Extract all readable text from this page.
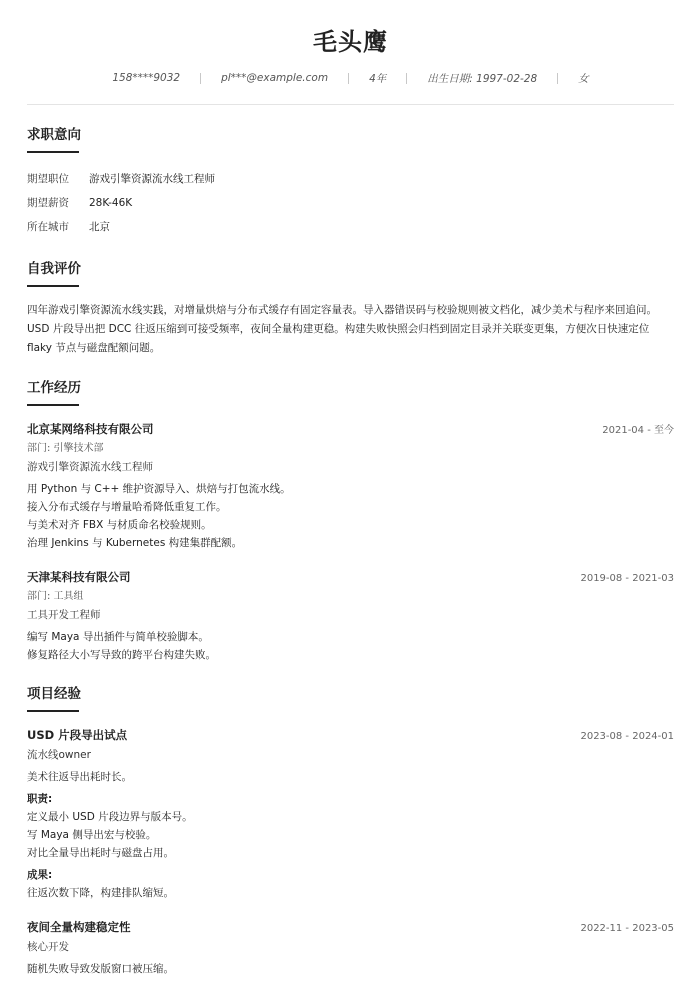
毛头鹰
158****9032	pl***@example.com	4年	出生日期: 1997-02-28	女
求职意向
期望职位	游戏引擎资源流水线工程师
期望薪资	28K-46K
所在城市	北京
自我评价
四年游戏引擎资源流水线实践，对增量烘焙与分布式缓存有固定容量表。导入器错误码与校验规则被文档化，减少美术与程序来回追问。USD 片段导出把 DCC 往返压缩到可接受频率，夜间全量构建更稳。构建失败快照会归档到固定目录并关联变更集，方便次日快速定位 flaky 节点与磁盘配额问题。
工作经历
北京某网络科技有限公司	2021-04 - 至今
部门: 引擎技术部
游戏引擎资源流水线工程师
用 Python 与 C++ 维护资源导入、烘焙与打包流水线。
接入分布式缓存与增量哈希降低重复工作。
与美术对齐 FBX 与材质命名校验规则。
治理 Jenkins 与 Kubernetes 构建集群配额。
天津某科技有限公司	2019-08 - 2021-03
部门: 工具组
工具开发工程师
编写 Maya 导出插件与简单校验脚本。
修复路径大小写导致的跨平台构建失败。
项目经验
USD 片段导出试点	2023-08 - 2024-01
流水线owner
美术往返导出耗时长。
职责:
定义最小 USD 片段边界与版本号。
写 Maya 侧导出宏与校验。
对比全量导出耗时与磁盘占用。
成果:
往返次数下降，构建排队缩短。
夜间全量构建稳定性	2022-11 - 2023-05
核心开发
随机失败导致发版窗口被压缩。
